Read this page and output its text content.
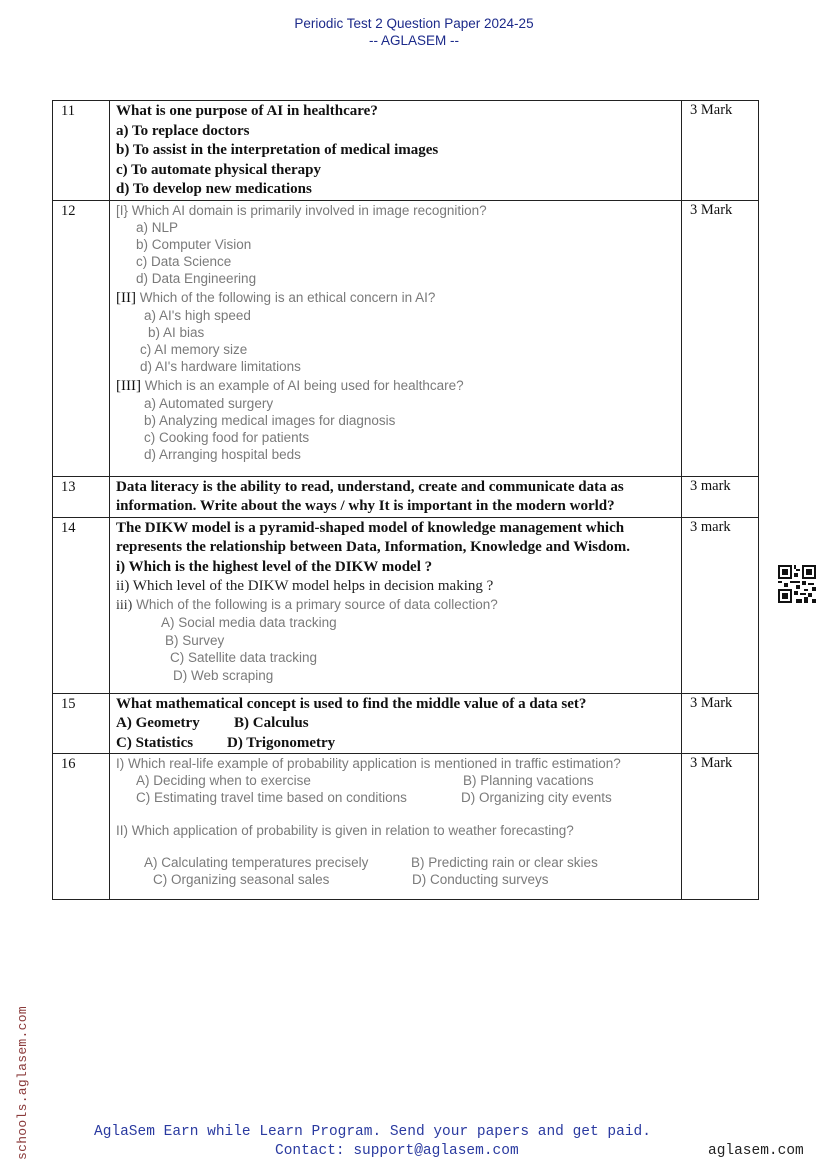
Periodic Test 2 Question Paper 2024-25
-- AGLASEM --
11	What is one purpose of AI in healthcare?
a) To replace doctors
b) To assist in the interpretation of medical images
c) To automate physical therapy
d) To develop new medications	3 Mark
12	[I} Which AI domain is primarily involved in image recognition?
a) NLP
b) Computer Vision
c) Data Science
d) Data Engineering
[II] Which of the following is an ethical concern in AI?
a) AI's high speed
b) AI bias
c) AI memory size
d) AI's hardware limitations
[III] Which is an example of AI being used for healthcare?
a) Automated surgery
b) Analyzing medical images for diagnosis
c) Cooking food for patients
d) Arranging hospital beds
	3 Mark
13	Data literacy is the ability to read, understand, create and communicate data as
information. Write about the ways / why It is important in the modern world?	3 mark
14	The DIKW model is a pyramid-shaped model of knowledge management which
represents the relationship between Data, Information, Knowledge and Wisdom.
i) Which is the highest level of the DIKW model ?
ii) Which level of the DIKW model helps in decision making ?
iii) Which of the following is a primary source of data collection?
A) Social media data tracking
B) Survey
C) Satellite data tracking
D) Web scraping
	3 mark
15	What mathematical concept is used to find the middle value of a data set?
A) Geometry B) Calculus
C) Statistics D) Trigonometry	3 Mark
16	I) Which real-life example of probability application is mentioned in traffic estimation?
A) Deciding when to exercise	B) Planning vacations
C) Estimating travel time based on conditions	D) Organizing city events
II) Which application of probability is given in relation to weather forecasting?
A) Calculating temperatures precisely	B) Predicting rain or clear skies
C) Organizing seasonal sales	D) Conducting surveys
	3 Mark
schools.aglasem.com	AglaSem Earn while Learn Program. Send your papers and get paid.
Contact: support@aglasem.com	aglasem.com
